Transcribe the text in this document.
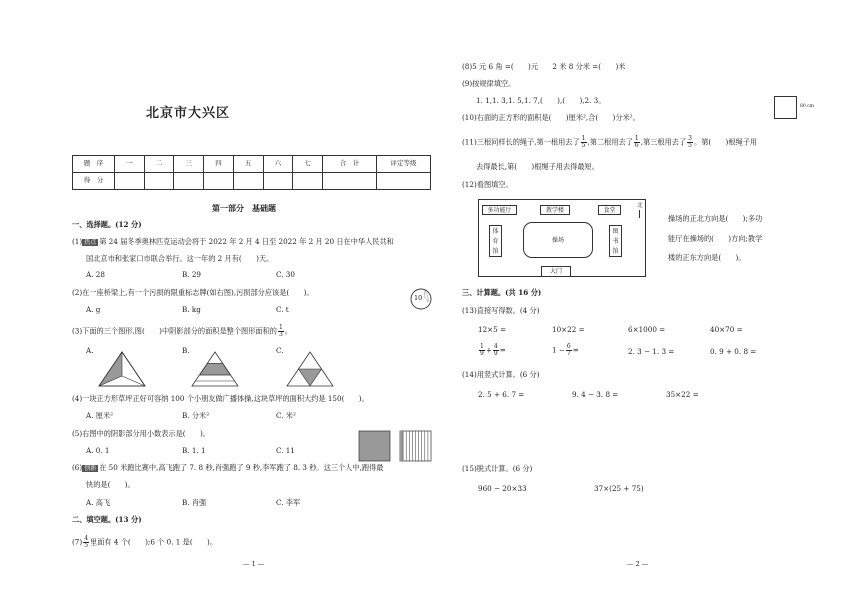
北京市大兴区
题　序	一	二	三	四	五	六	七	合　计	评定等级
得　分									
第一部分　基础题
一、选择题。(12 分)
(1) 热点 第 24 届冬季奥林匹克运动会将于 2022 年 2 月 4 日至 2022 年 2 月 20 日在中华人民共和
国北京市和张家口市联合举行。这一年的 2 月有(　　)天。
A. 28	B. 29	C. 30
(2)在一座桥梁上,有一个污损的限重标志牌(如右图),污损部分应该是(　　)。
A. g	B. kg	C. t
10
(3)下面的三个图形,图(　　)中阴影部分的面积是整个图形面积的 $\frac{1}{3}$ 。
A.	B.	C.
(4)一块正方形草坪正好可容纳 100 个小朋友做广播体操,这块草坪的面积大约是 150(　　)。
A. 厘米²	B. 分米²	C. 米²
(5)右图中的阴影部分用小数表示是(　　)。
A. 0. 1	B. 1. 1	C. 11
(6) 创新 在 50 米跑比赛中,高飞跑了 7. 8 秒,肖强跑了 9 秒,李军跑了 8. 3 秒。这三个人中,跑得最
快的是(　　)。
A. 高飞	B. 肖强	C. 李军
二、填空题。(13 分)
$(7) \frac{4}{5}$ 里面有 4 个(　　);6 个 0. 1 是(　　)。
— 1 —
(8)5 元 6 角 =(　　)元　　2 米 8 分米 =(　　)米
(9)按规律填空。
1. 1,1. 3,1. 5,1. 7,(　　),(　　),2. 3。
(10)右面的正方形的面积是(　　)厘米²,合(　　)分米²。
80 cm
(11)三根同样长的绳子,第一根用去了 $\frac{1}{5}$ ,第二根用去了 $\frac{1}{6}$ ,第三根用去了 $\frac{3}{5}$ 。第(　　)根绳子用
去得最长,第(　　)根绳子用去得最短。
(12)看图填空。
多功能厅	教学楼	食堂
北
体育馆
操场
图书馆
大门
操场的正北方向是(　　);多功
能厅在操场的(　　)方向;教学
楼的正东方向是(　　)。
三、计算题。(共 16 分)
(13)直接写得数。(4 分)
12×5 =	10×22 =	6×1000 =	40×70 =
$\frac{1}{9} + \frac{4}{9}$ =	$1 - \frac{6}{7}$ =	2. 3 − 1. 3 =	0. 9 + 0. 8 =
(14)用竖式计算。(6 分)
2. 5 + 6. 7 =	9. 4 − 3. 8 =	35×22 =
(15)脱式计算。(6 分)
960 − 20×33	37×(25 + 75)
— 2 —
